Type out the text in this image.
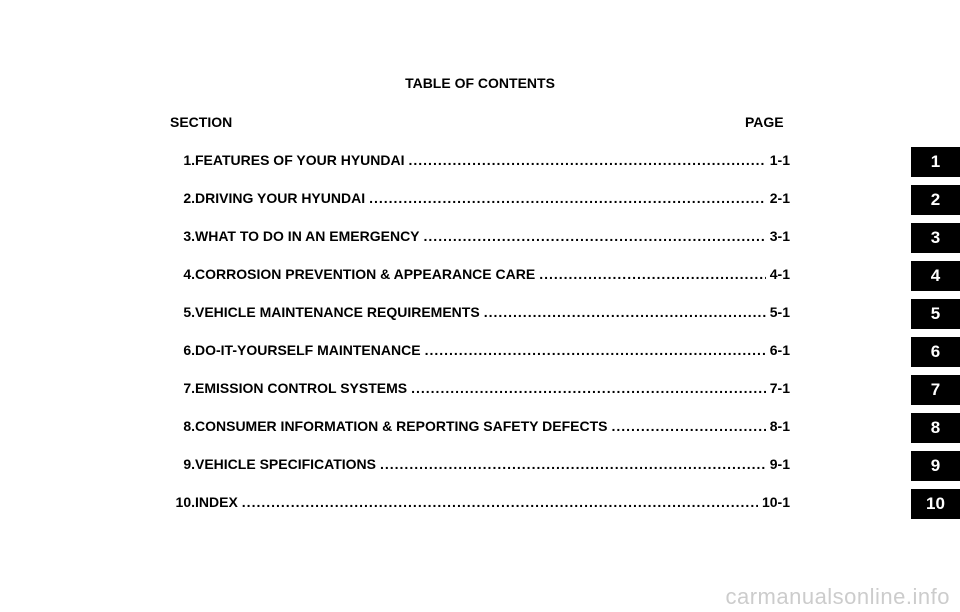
TABLE OF CONTENTS
SECTION	PAGE
1. FEATURES OF YOUR HYUNDAI .....	1-1
2. DRIVING YOUR HYUNDAI .....	2-1
3. WHAT TO DO IN AN EMERGENCY .....	3-1
4. CORROSION PREVENTION & APPEARANCE CARE .....	4-1
5. VEHICLE MAINTENANCE REQUIREMENTS .....	5-1
6. DO-IT-YOURSELF MAINTENANCE .....	6-1
7. EMISSION CONTROL SYSTEMS .....	7-1
8. CONSUMER INFORMATION & REPORTING SAFETY DEFECTS .....	8-1
9. VEHICLE SPECIFICATIONS .....	9-1
10. INDEX .....	10-1
1
2
3
4
5
6
7
8
9
10
carmanualsonline.info
